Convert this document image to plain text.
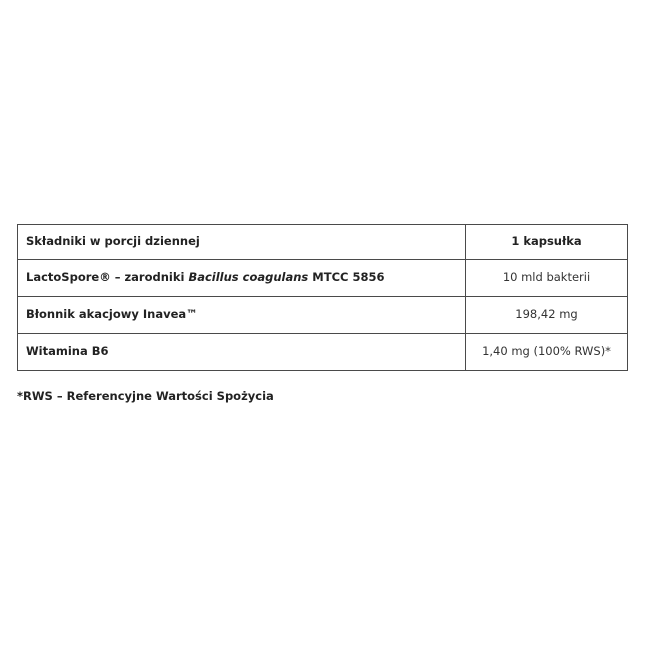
Składniki w porcji dziennej	1 kapsułka
LactoSpore® – zarodniki Bacillus coagulans MTCC 5856	10 mld bakterii
Błonnik akacjowy Inavea™	198,42 mg
Witamina B6	1,40 mg (100% RWS)*
*RWS – Referencyjne Wartości Spożycia
